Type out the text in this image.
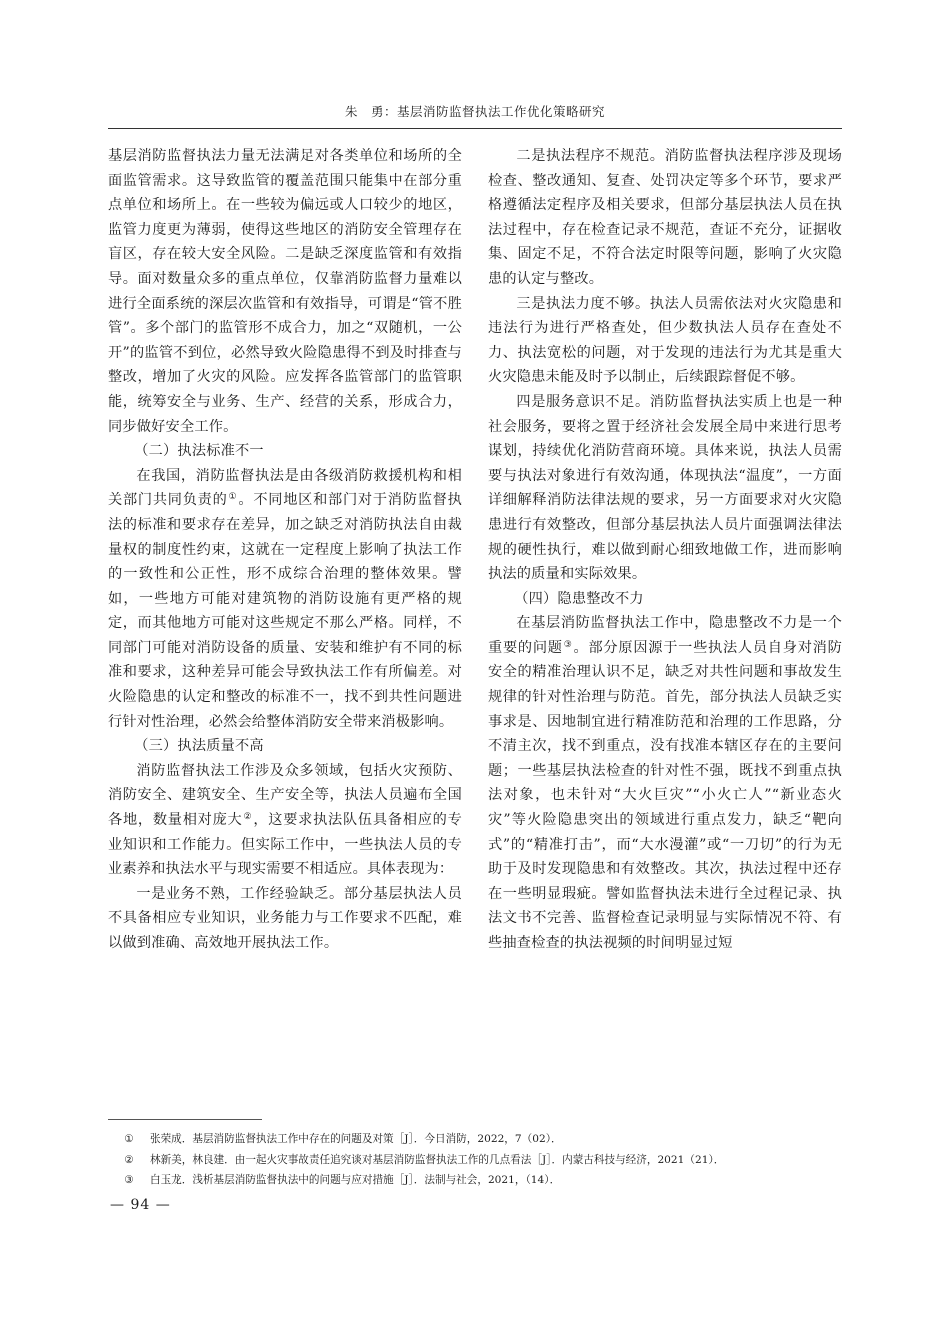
朱　勇：基层消防监督执法工作优化策略研究

基层消防监督执法力量无法满足对各类单位和场所的全面监管需求。这导致监管的覆盖范围只能集中在部分重点单位和场所上。在一些较为偏远或人口较少的地区，监管力度更为薄弱，使得这些地区的消防安全管理存在盲区，存在较大安全风险。二是缺乏深度监管和有效指导。面对数量众多的重点单位，仅靠消防监督力量难以进行全面系统的深层次监管和有效指导，可谓是“管不胜管”。多个部门的监管形不成合力，加之“双随机，一公开”的监管不到位，必然导致火险隐患得不到及时排查与整改，增加了火灾的风险。应发挥各监管部门的监管职能，统筹安全与业务、生产、经营的关系，形成合力，同步做好安全工作。

（二）执法标准不一

在我国，消防监督执法是由各级消防救援机构和相关部门共同负责的①。不同地区和部门对于消防监督执法的标准和要求存在差异，加之缺乏对消防执法自由裁量权的制度性约束，这就在一定程度上影响了执法工作的一致性和公正性，形不成综合治理的整体效果。譬如，一些地方可能对建筑物的消防设施有更严格的规定，而其他地方可能对这些规定不那么严格。同样，不同部门可能对消防设备的质量、安装和维护有不同的标准和要求，这种差异可能会导致执法工作有所偏差。对火险隐患的认定和整改的标准不一，找不到共性问题进行针对性治理，必然会给整体消防安全带来消极影响。

（三）执法质量不高

消防监督执法工作涉及众多领域，包括火灾预防、消防安全、建筑安全、生产安全等，执法人员遍布全国各地，数量相对庞大②，这要求执法队伍具备相应的专业知识和工作能力。但实际工作中，一些执法人员的专业素养和执法水平与现实需要不相适应。具体表现为：

一是业务不熟，工作经验缺乏。部分基层执法人员不具备相应专业知识，业务能力与工作要求不匹配，难以做到准确、高效地开展执法工作。

二是执法程序不规范。消防监督执法程序涉及现场检查、整改通知、复查、处罚决定等多个环节，要求严格遵循法定程序及相关要求，但部分基层执法人员在执法过程中，存在检查记录不规范，查证不充分，证据收集、固定不足，不符合法定时限等问题，影响了火灾隐患的认定与整改。

三是执法力度不够。执法人员需依法对火灾隐患和违法行为进行严格查处，但少数执法人员存在查处不力、执法宽松的问题，对于发现的违法行为尤其是重大火灾隐患未能及时予以制止，后续跟踪督促不够。

四是服务意识不足。消防监督执法实质上也是一种社会服务，要将之置于经济社会发展全局中来进行思考谋划，持续优化消防营商环境。具体来说，执法人员需要与执法对象进行有效沟通，体现执法“温度”，一方面详细解释消防法律法规的要求，另一方面要求对火灾隐患进行有效整改，但部分基层执法人员片面强调法律法规的硬性执行，难以做到耐心细致地做工作，进而影响执法的质量和实际效果。

（四）隐患整改不力

在基层消防监督执法工作中，隐患整改不力是一个重要的问题③。部分原因源于一些执法人员自身对消防安全的精准治理认识不足，缺乏对共性问题和事故发生规律的针对性治理与防范。首先，部分执法人员缺乏实事求是、因地制宜进行精准防范和治理的工作思路，分不清主次，找不到重点，没有找准本辖区存在的主要问题；一些基层执法检查的针对性不强，既找不到重点执法对象，也未针对“大火巨灾”“小火亡人”“新业态火灾”等火险隐患突出的领域进行重点发力，缺乏“靶向式”的“精准打击”，而“大水漫灌”或“一刀切”的行为无助于及时发现隐患和有效整改。其次，执法过程中还存在一些明显瑕疵。譬如监督执法未进行全过程记录、执法文书不完善、监督检查记录明显与实际情况不符、有些抽查检查的执法视频的时间明显过短

① 张荣成．基层消防监督执法工作中存在的问题及对策［J］．今日消防，2022，7（02）．
② 林新美，林良建．由一起火灾事故责任追究谈对基层消防监督执法工作的几点看法［J］．内蒙古科技与经济，2021（21）．
③ 白玉龙．浅析基层消防监督执法中的问题与应对措施［J］．法制与社会，2021，（14）．
— 94 —
